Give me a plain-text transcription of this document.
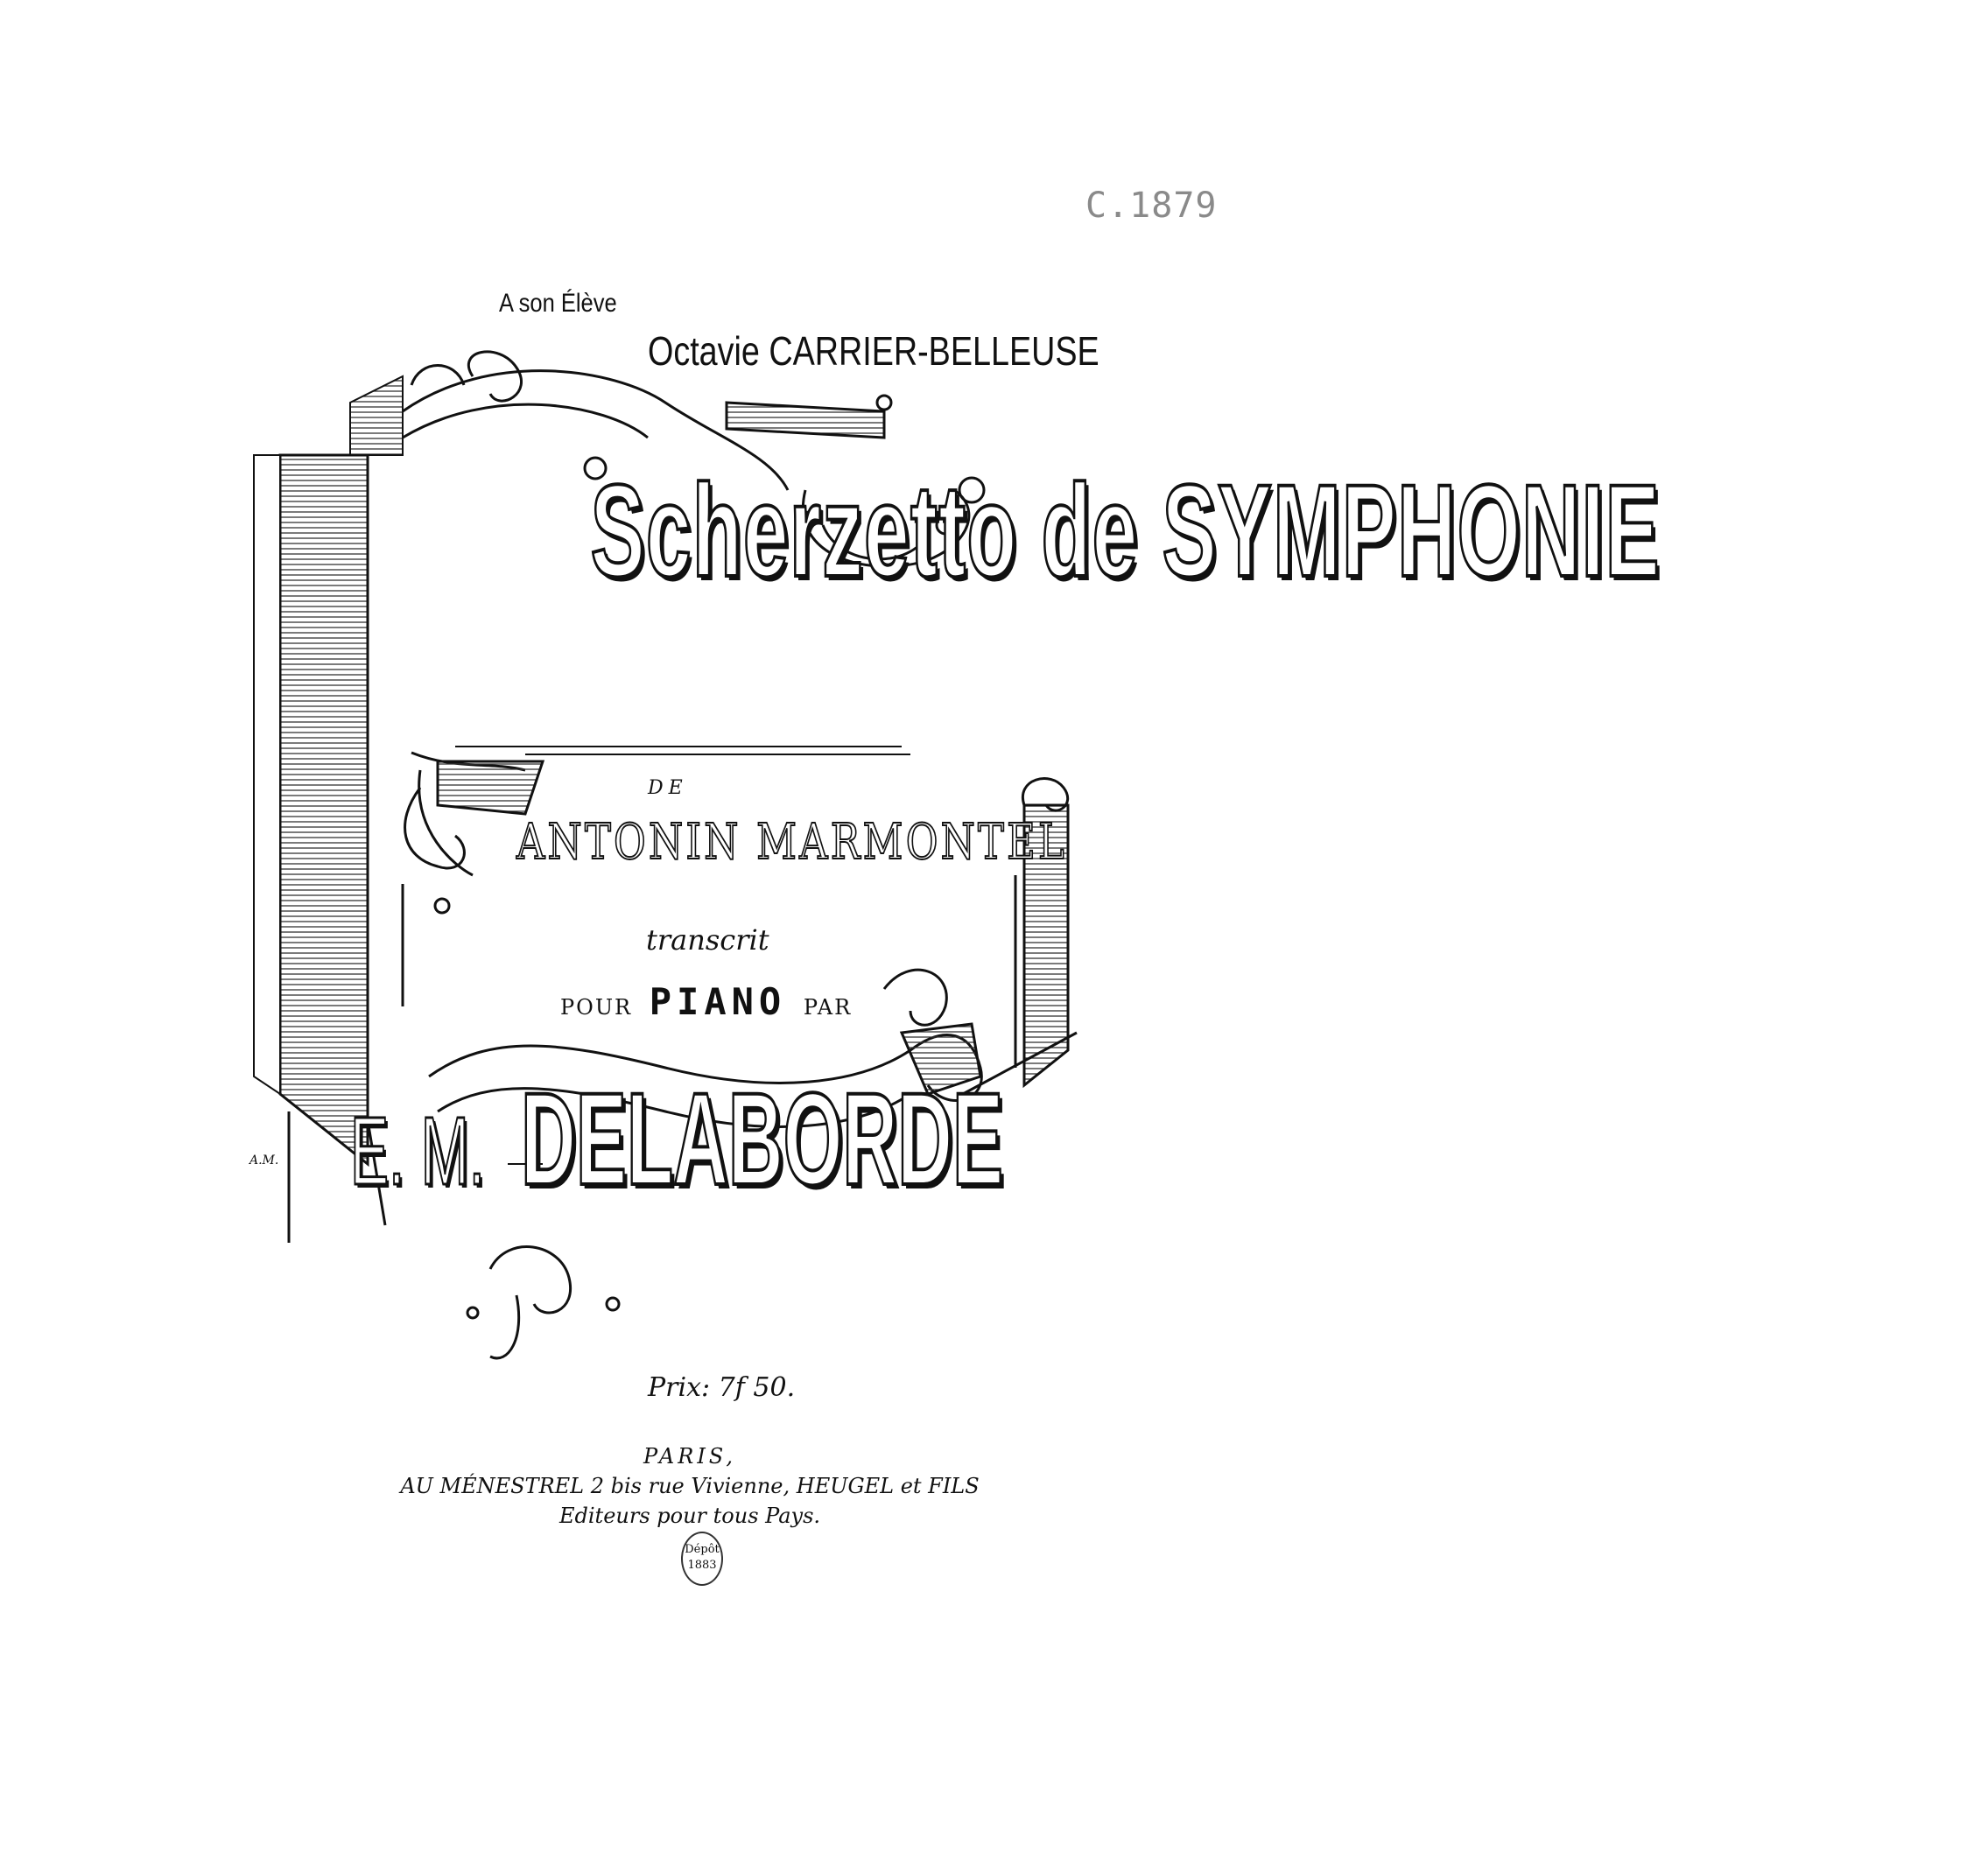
C.1879
A son Élève
Octavie CARRIER-BELLEUSE
Scherzetto de SYMPHONIE
DE
ANTONIN MARMONTEL
transcrit
POUR PIANO PAR
E. M. DELABORDE
A.M.
Prix: 7f 50.
PARIS,
AU MÉNESTREL 2 bis rue Vivienne, HEUGEL et FILS
Editeurs pour tous Pays.
Dépôt 1883
